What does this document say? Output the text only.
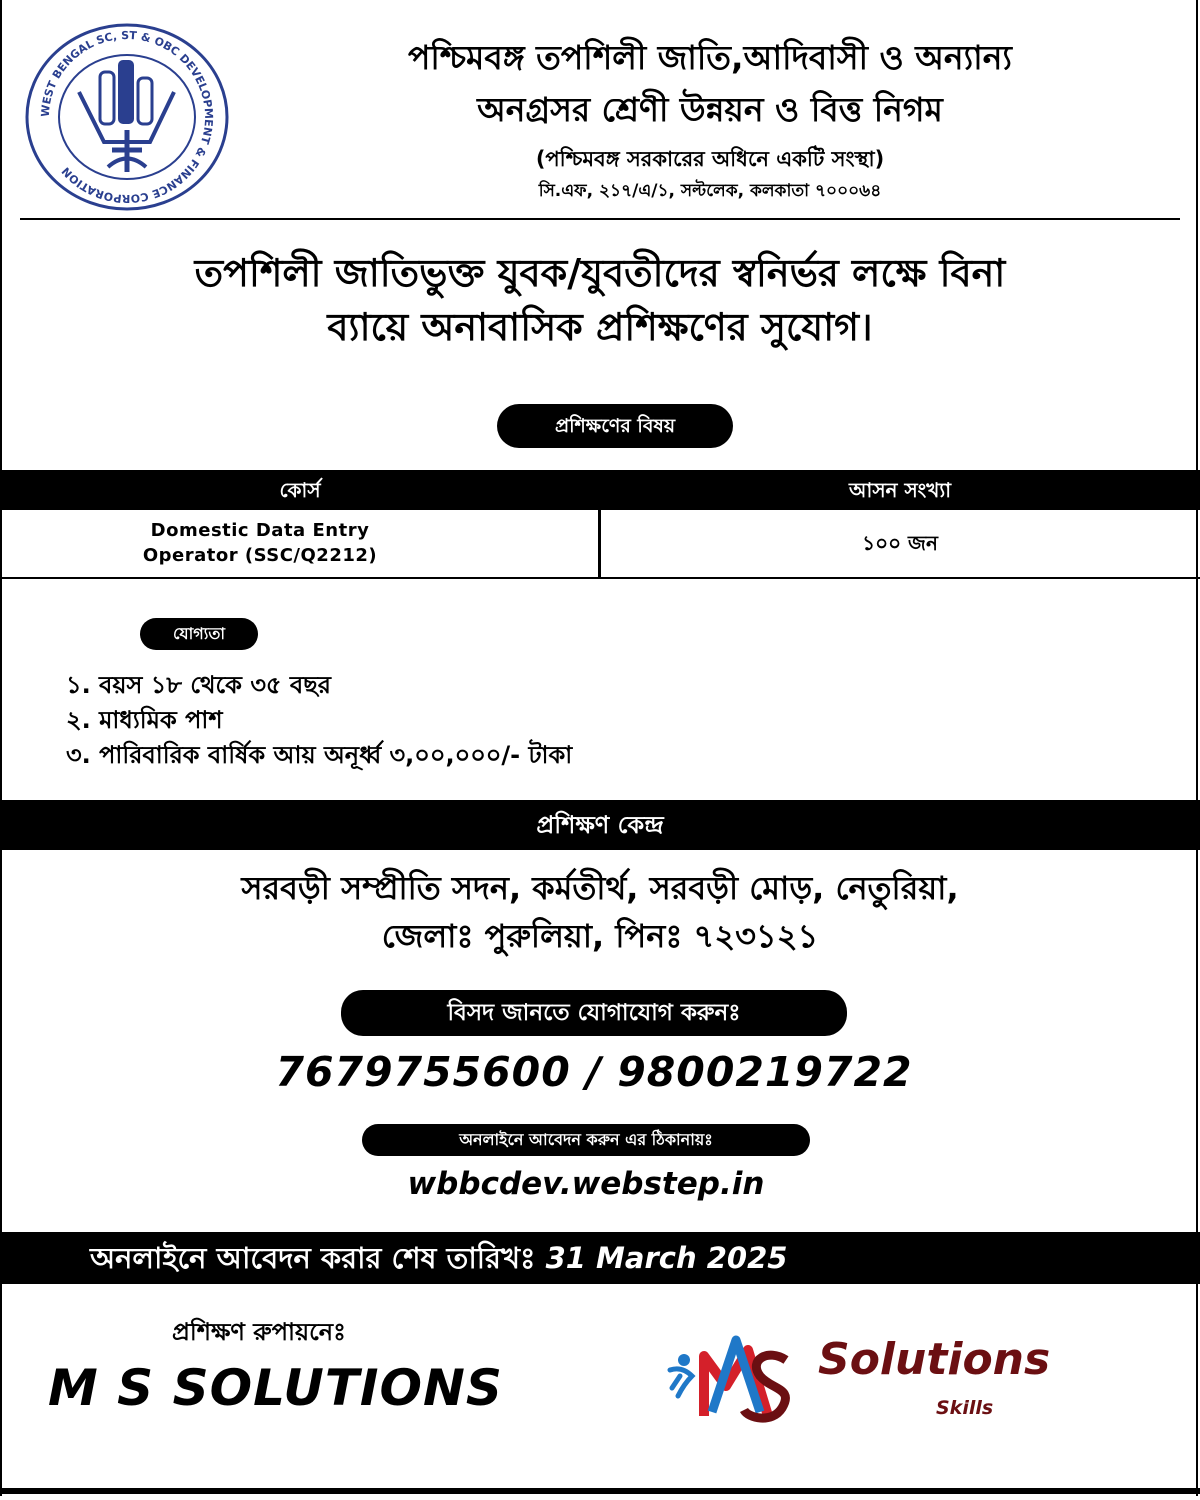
WEST BENGAL SC, ST & OBC DEVELOPMENT & FINANCE CORPORATION
পশ্চিমবঙ্গ তপশিলী জাতি,আদিবাসী ও অন্যান্য
অনগ্রসর শ্রেণী উন্নয়ন ও বিত্ত নিগম
(পশ্চিমবঙ্গ সরকারের অধিনে একটি সংস্থা)
সি.এফ, ২১৭/এ/১, সল্টলেক, কলকাতা ৭০০০৬৪
তপশিলী জাতিভুক্ত যুবক/যুবতীদের স্বনির্ভর লক্ষে বিনা
ব্যায়ে অনাবাসিক প্রশিক্ষণের সুযোগ।
প্রশিক্ষণের বিষয়
কোর্স	আসন সংখ্যা
Domestic Data Entry
Operator (SSC/Q2212)
১০০ জন
যোগ্যতা
১. বয়স ১৮ থেকে ৩৫ বছর
২. মাধ্যমিক পাশ
৩. পারিবারিক বার্ষিক আয় অনূর্ধ্ব ৩,০০,০০০/- টাকা
প্রশিক্ষণ কেন্দ্র
সরবড়ী সম্প্রীতি সদন, কর্মতীর্থ, সরবড়ী মোড়, নেতুরিয়া,
জেলাঃ পুরুলিয়া, পিনঃ ৭২৩১২১
বিসদ জানতে যোগাযোগ করুনঃ
7679755600 / 9800219722
অনলাইনে আবেদন করুন এর ঠিকানায়ঃ
wbbcdev.webstep.in
অনলাইনে আবেদন করার শেষ তারিখঃ 31 March 2025
প্রশিক্ষণ রুপায়নেঃ
M S SOLUTIONS	Solutions
Skills
